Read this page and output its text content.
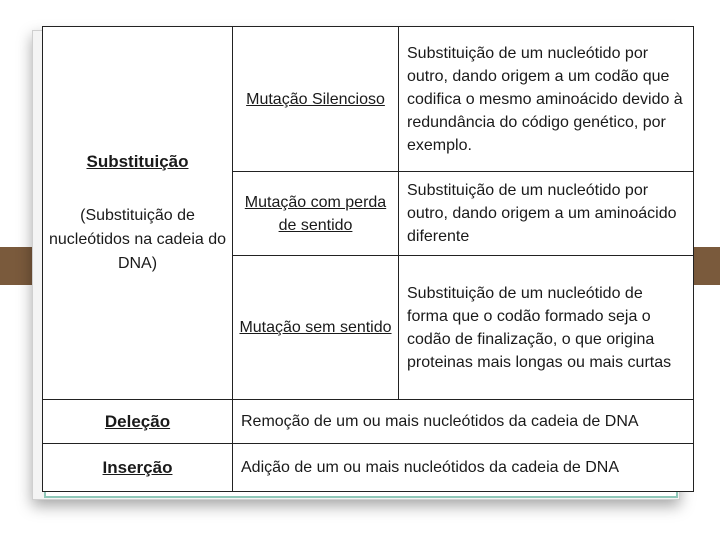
Substituição
(Substituição de nucleótidos na cadeia do DNA)	Mutação Silencioso	Substituição de um nucleótido por outro, dando origem a um codão que codifica o mesmo aminoácido devido à redundância do código genético, por exemplo.
	Mutação com perda de sentido	Substituição de um nucleótido por outro, dando origem a um aminoácido diferente
	Mutação sem sentido	Substituição de um nucleótido de forma que o codão formado seja o codão de finalização, o que origina proteinas mais longas ou mais curtas
Deleção	Remoção de um ou mais nucleótidos da cadeia de DNA	
Inserção	Adição de um ou mais nucleótidos da cadeia de DNA	
